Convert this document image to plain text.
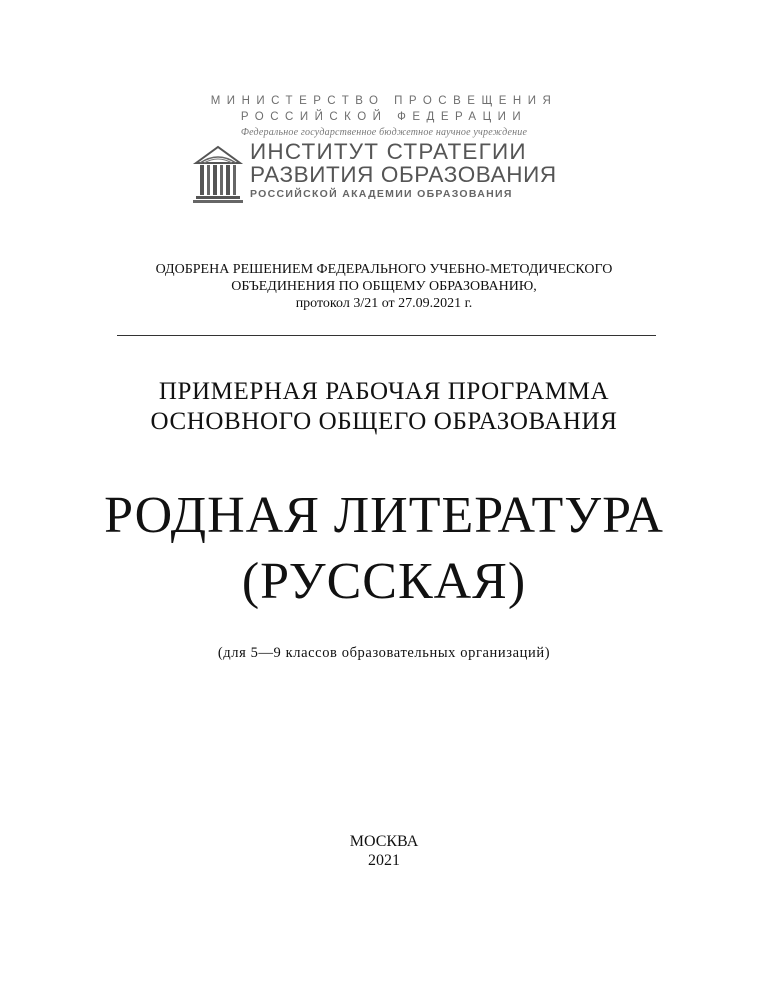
МИНИСТЕРСТВО ПРОСВЕЩЕНИЯ
РОССИЙСКОЙ ФЕДЕРАЦИИ
Федеральное государственное бюджетное научное учреждение
ИНСТИТУТ СТРАТЕГИИ
РАЗВИТИЯ ОБРАЗОВАНИЯ
РОССИЙСКОЙ АКАДЕМИИ ОБРАЗОВАНИЯ
ОДОБРЕНА РЕШЕНИЕМ ФЕДЕРАЛЬНОГО УЧЕБНО-МЕТОДИЧЕСКОГО
ОБЪЕДИНЕНИЯ ПО ОБЩЕМУ ОБРАЗОВАНИЮ,
протокол 3/21 от 27.09.2021 г.
ПРИМЕРНАЯ РАБОЧАЯ ПРОГРАММА
ОСНОВНОГО ОБЩЕГО ОБРАЗОВАНИЯ
РОДНАЯ ЛИТЕРАТУРА
(РУССКАЯ)
(для 5—9 классов образовательных организаций)
МОСКВА
2021
